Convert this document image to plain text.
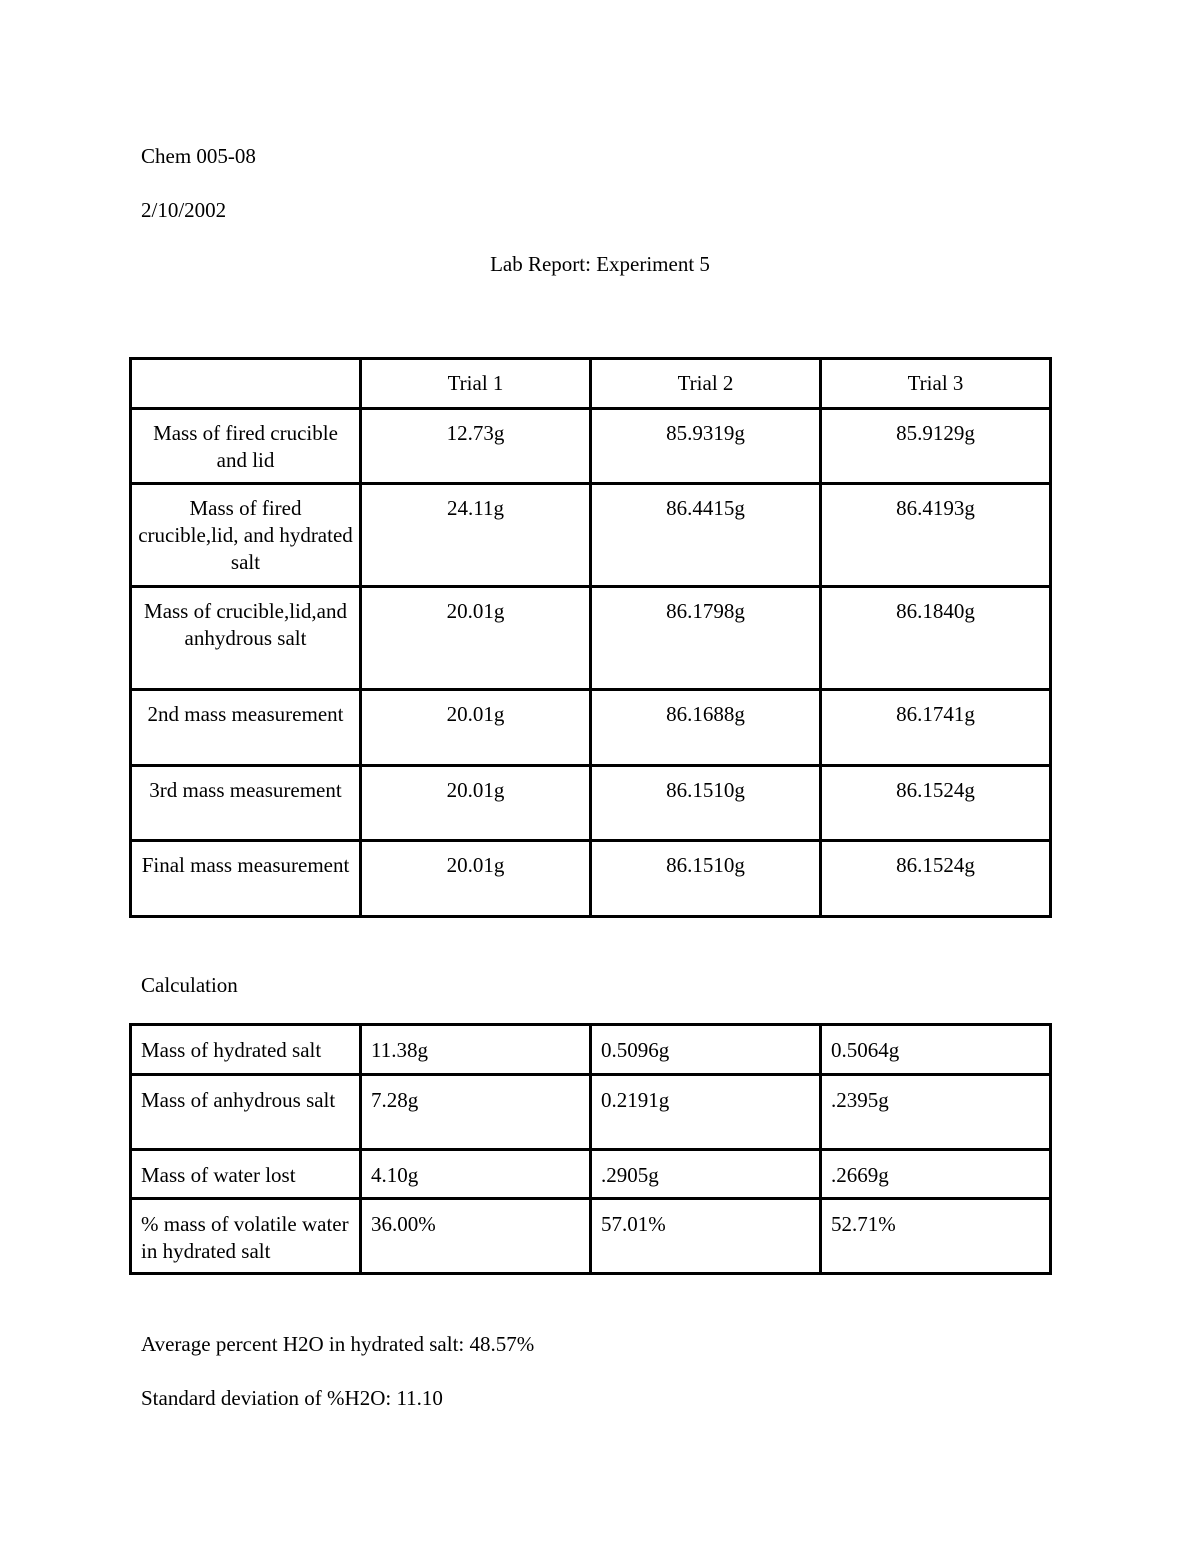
Chem 005-08
2/10/2002
Lab Report: Experiment 5
	Trial 1	Trial 2	Trial 3
Mass of fired crucible and lid	12.73g	85.9319g	85.9129g
Mass of fired crucible,lid, and hydrated salt	24.11g	86.4415g	86.4193g
Mass of crucible,lid,and anhydrous salt	20.01g	86.1798g	86.1840g
2nd mass measurement	20.01g	86.1688g	86.1741g
3rd mass measurement	20.01g	86.1510g	86.1524g
Final mass measurement	20.01g	86.1510g	86.1524g
Calculation
Mass of hydrated salt	11.38g	0.5096g	0.5064g
Mass of anhydrous salt	7.28g	0.2191g	.2395g
Mass of water lost	4.10g	.2905g	.2669g
% mass of volatile water in hydrated salt	36.00%	57.01%	52.71%
Average percent H2O in hydrated salt: 48.57%
Standard deviation of %H2O: 11.10
